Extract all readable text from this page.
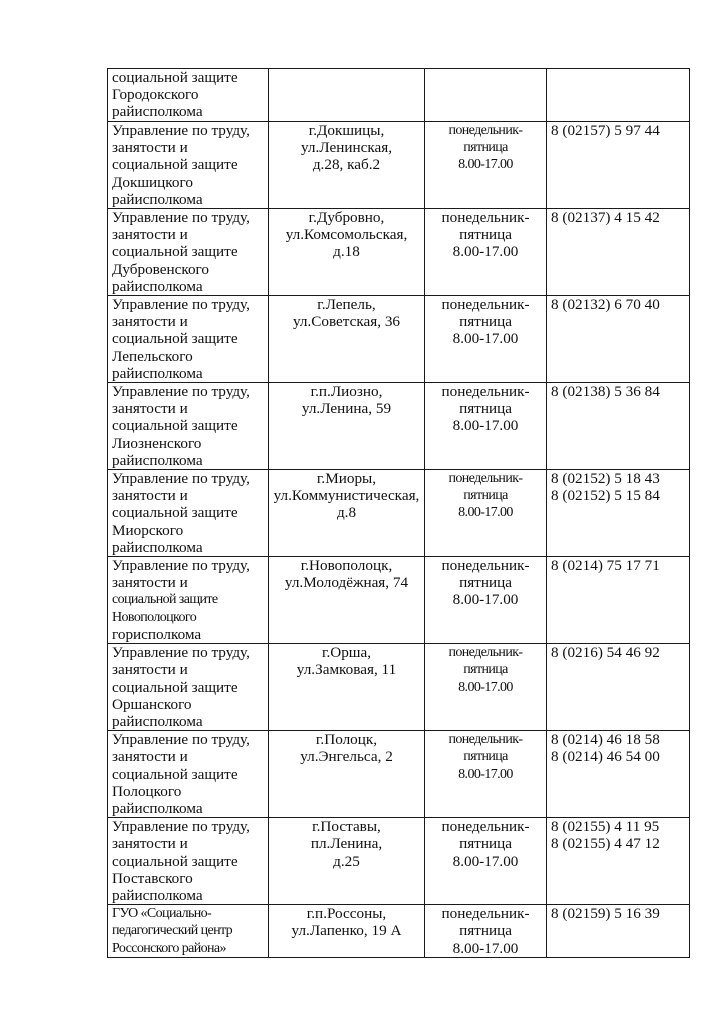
социальной защите
Городокского
райисполкома			

Управление по труду,
занятости и
социальной защите
Докшицкого
райисполкома	г.Докшицы,
ул.Ленинская,
д.28, каб.2	понедельник-
пятница
8.00-17.00	8 (02157) 5 97 44

Управление по труду,
занятости и
социальной защите
Дубровенского
райисполкома	г.Дубровно,
ул.Комсомольская,
д.18	понедельник-
пятница
8.00-17.00	8 (02137) 4 15 42

Управление по труду,
занятости и
социальной защите
Лепельского
райисполкома	г.Лепель,
ул.Советская, 36	понедельник-
пятница
8.00-17.00	8 (02132) 6 70 40

Управление по труду,
занятости и
социальной защите
Лиозненского
райисполкома	г.п.Лиозно,
ул.Ленина, 59	понедельник-
пятница
8.00-17.00	8 (02138) 5 36 84

Управление по труду,
занятости и
социальной защите
Миорского
райисполкома	г.Миоры,
ул.Коммунистическая,
д.8	понедельник-
пятница
8.00-17.00	8 (02152) 5 18 43
8 (02152) 5 15 84

Управление по труду,
занятости и
социальной защите
Новополоцкого
горисполкома	г.Новополоцк,
ул.Молодёжная, 74	понедельник-
пятница
8.00-17.00	8 (0214) 75 17 71

Управление по труду,
занятости и
социальной защите
Оршанского
райисполкома	г.Орша,
ул.Замковая, 11	понедельник-
пятница
8.00-17.00	8 (0216) 54 46 92

Управление по труду,
занятости и
социальной защите
Полоцкого
райисполкома	г.Полоцк,
ул.Энгельса, 2	понедельник-
пятница
8.00-17.00	8 (0214) 46 18 58
8 (0214) 46 54 00

Управление по труду,
занятости и
социальной защите
Поставского
райисполкома	г.Поставы,
пл.Ленина,
д.25	понедельник-
пятница
8.00-17.00	8 (02155) 4 11 95
8 (02155) 4 47 12

ГУО «Социально-
педагогический центр
Россонского района»	г.п.Россоны,
ул.Лапенко, 19 А	понедельник-
пятница
8.00-17.00	8 (02159) 5 16 39
